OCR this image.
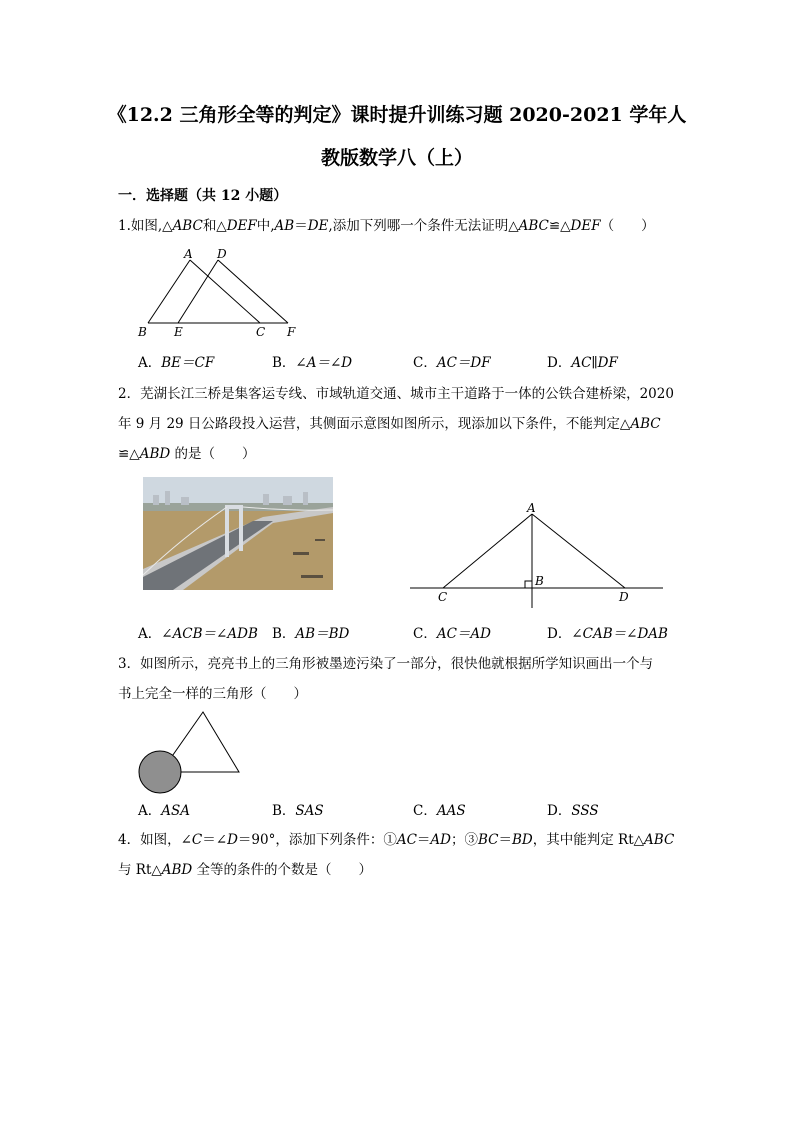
《12.2 三角形全等的判定》课时提升训练习题 2020-2021 学年人
教版数学八（上）
一．选择题（共 12 小题）
1.如图,△ABC和△DEF中,AB＝DE,添加下列哪一个条件无法证明△ABC≌△DEF（　　）
A D
B E	C F
A．BE＝CF	B．∠A＝∠D	C．AC＝DF	D．AC∥DF
2．芜湖长江三桥是集客运专线、市域轨道交通、城市主干道路于一体的公铁合建桥梁，2020
年 9 月 29 日公路段投入运营，其侧面示意图如图所示，现添加以下条件，不能判定△ABC
≌△ABD 的是（　　）
A
B
C	D
A．∠ACB＝∠ADB B．AB＝BD	C．AC＝AD	D．∠CAB＝∠DAB
3．如图所示，亮亮书上的三角形被墨迹污染了一部分，很快他就根据所学知识画出一个与
书上完全一样的三角形（　　）
A．ASA	B．SAS	C．AAS	D．SSS
4．如图，∠C＝∠D＝90°，添加下列条件：①AC＝AD；③BC＝BD，其中能判定 Rt△ABC
与 Rt△ABD 全等的条件的个数是（　　）
